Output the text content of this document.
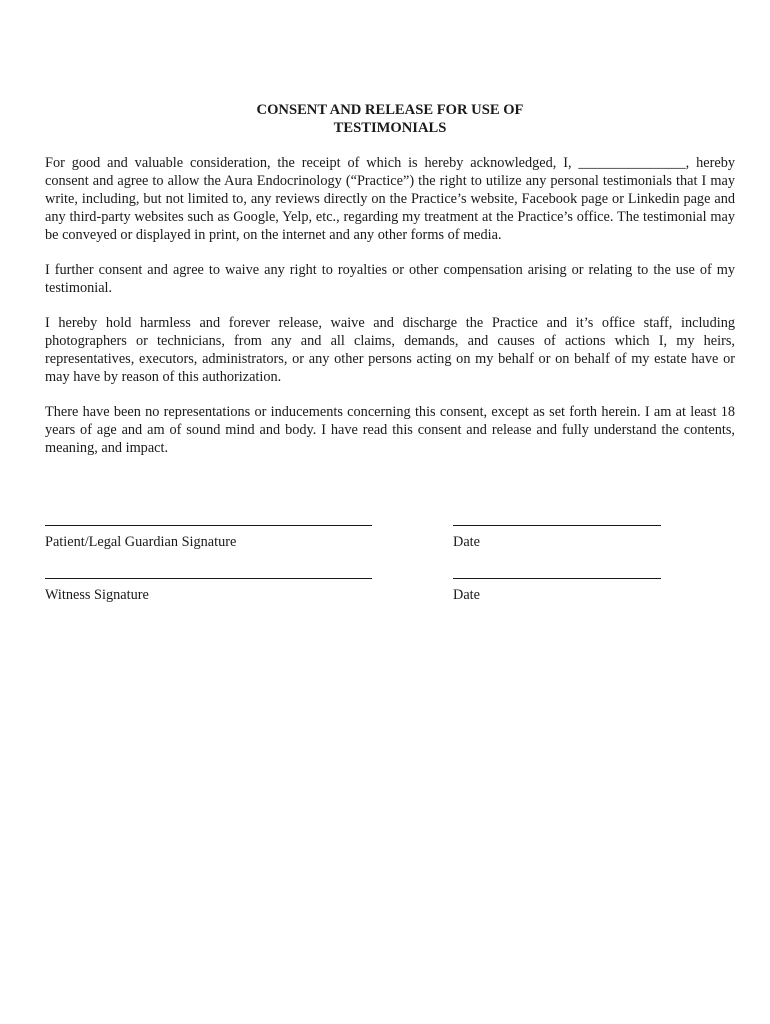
CONSENT AND RELEASE FOR USE OF
TESTIMONIALS

For good and valuable consideration, the receipt of which is hereby acknowledged, I, _______________, hereby consent and agree to allow the Aura Endocrinology (“Practice”) the right to utilize any personal testimonials that I may write, including, but not limited to, any reviews directly on the Practice’s website, Facebook page or Linkedin page and any third-party websites such as Google, Yelp, etc., regarding my treatment at the Practice’s office. The testimonial may be conveyed or displayed in print, on the internet and any other forms of media.

I further consent and agree to waive any right to royalties or other compensation arising or relating to the use of my testimonial.

I hereby hold harmless and forever release, waive and discharge the Practice and it’s office staff, including photographers or technicians, from any and all claims, demands, and causes of actions which I, my heirs, representatives, executors, administrators, or any other persons acting on my behalf or on behalf of my estate have or may have by reason of this authorization.

There have been no representations or inducements concerning this consent, except as set forth herein. I am at least 18 years of age and am of sound mind and body. I have read this consent and release and fully understand the contents, meaning, and impact.

Patient/Legal Guardian Signature	Date
Witness Signature	Date
